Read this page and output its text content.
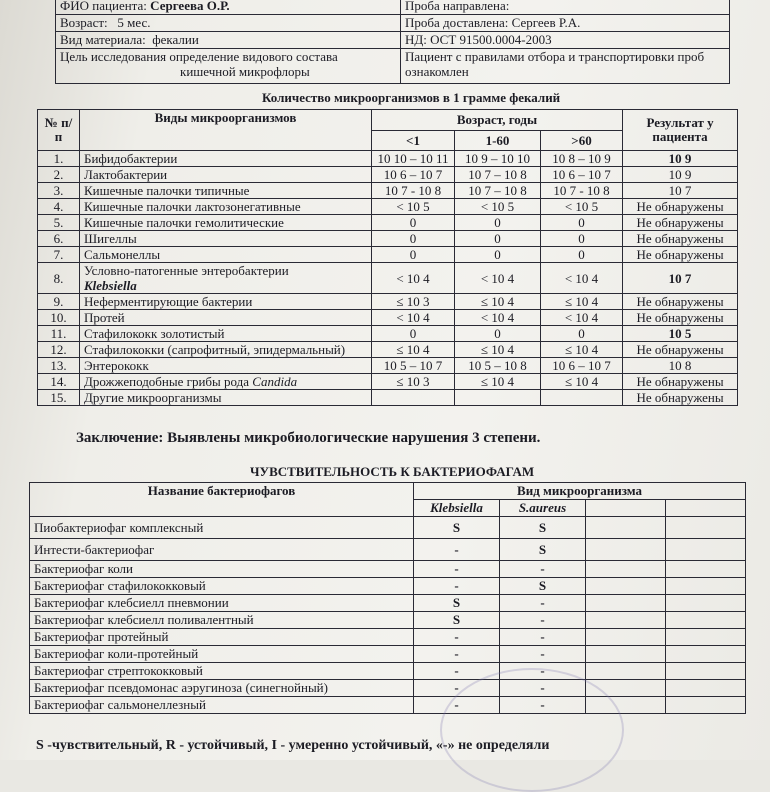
ФИО пациента: Сергеева О.Р.	Проба направлена:
Возраст: 5 мес.	Проба доставлена: Сергеев Р.А.
Вид материала: фекалии	НД: ОСТ 91500.0004-2003
Цель исследования определение видового состава
кишечной микрофлоры	Пациент с правилами отбора и транспортировки проб
ознакомлен
Количество микроорганизмов в 1 грамме фекалий
№ п/п	Виды микроорганизмов	Возраст, годы			Результат у пациента
		<1	1-60	>60	
1.	Бифидобактерии	10 10 – 10 11	10 9 – 10 10	10 8 – 10 9	10 9
2.	Лактобактерии	10 6 – 10 7	10 7 – 10 8	10 6 – 10 7	10 9
3.	Кишечные палочки типичные	10 7 - 10 8	10 7 – 10 8	10 7 - 10 8	10 7
4.	Кишечные палочки лактозонегативные	< 10 5	< 10 5	< 10 5	Не обнаружены
5.	Кишечные палочки гемолитические	0	0	0	Не обнаружены
6.	Шигеллы	0	0	0	Не обнаружены
7.	Сальмонеллы	0	0	0	Не обнаружены
8.	Условно-патогенные энтеробактерии
Klebsiella	< 10 4	< 10 4	< 10 4	10 7
9.	Неферментирующие бактерии	≤ 10 3	≤ 10 4	≤ 10 4	Не обнаружены
10.	Протей	< 10 4	< 10 4	< 10 4	Не обнаружены
11.	Стафилококк золотистый	0	0	0	10 5
12.	Стафилококки (сапрофитный, эпидермальный)	≤ 10 4	≤ 10 4	≤ 10 4	Не обнаружены
13.	Энтерококк	10 5 – 10 7	10 5 – 10 8	10 6 – 10 7	10 8
14.	Дрожжеподобные грибы рода Candida	≤ 10 3	≤ 10 4	≤ 10 4	Не обнаружены
15.	Другие микроорганизмы				Не обнаружены
Заключение: Выявлены микробиологические нарушения 3 степени.
ЧУВСТВИТЕЛЬНОСТЬ К БАКТЕРИОФАГАМ
Название бактериофагов	Вид микроорганизма			
	Klebsiella	S.aureus		
Пиобактериофаг комплексный	S	S		
Интести-бактериофаг	-	S		
Бактериофаг коли	-	-		
Бактериофаг стафилококковый	-	S		
Бактериофаг клебсиелл пневмонии	S	-		
Бактериофаг клебсиелл поливалентный	S	-		
Бактериофаг протейный	-	-		
Бактериофаг коли-протейный	-	-		
Бактериофаг стрептококковый	-	-		
Бактериофаг псевдомонас аэругиноза (синегнойный)	-	-		
Бактериофаг сальмонеллезный	-	-		
S -чувствительный, R - устойчивый, I - умеренно устойчивый, «-» не определяли
